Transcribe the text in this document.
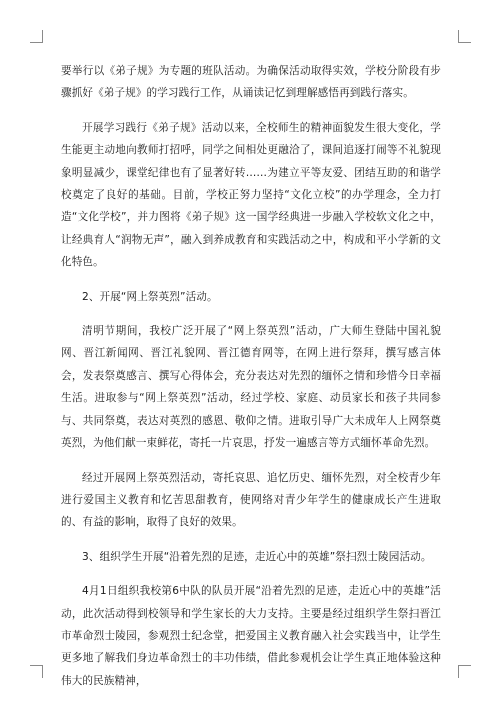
要举行以《弟子规》为专题的班队活动。为确保活动取得实效，学校分阶段有步骤抓好《弟子规》的学习践行工作，从诵读记忆到理解感悟再到践行落实。

开展学习践行《弟子规》活动以来，全校师生的精神面貌发生很大变化，学生能更主动地向教师打招呼，同学之间相处更融洽了，课间追逐打闹等不礼貌现象明显减少，课堂纪律也有了显著好转……为建立平等友爱、团结互助的和谐学校奠定了良好的基础。目前，学校正努力坚持“文化立校”的办学理念，全力打造“文化学校”，并力图将《弟子规》这一国学经典进一步融入学校软文化之中，让经典育人“润物无声”，融入到养成教育和实践活动之中，构成和平小学新的文化特色。

2、开展“网上祭英烈”活动。

清明节期间，我校广泛开展了“网上祭英烈”活动，广大师生登陆中国礼貌网、晋江新闻网、晋江礼貌网、晋江德育网等，在网上进行祭拜，撰写感言体会，发表祭奠感言、撰写心得体会，充分表达对先烈的缅怀之情和珍惜今日幸福生活。进取参与“网上祭英烈”活动，经过学校、家庭、动员家长和孩子共同参与、共同祭奠，表达对英烈的感恩、敬仰之情。进取引导广大未成年人上网祭奠英烈，为他们献一束鲜花，寄托一片哀思，抒发一遍感言等方式缅怀革命先烈。

经过开展网上祭英烈活动，寄托哀思、追忆历史、缅怀先烈，对全校青少年进行爱国主义教育和忆苦思甜教育，使网络对青少年学生的健康成长产生进取的、有益的影响，取得了良好的效果。

3、组织学生开展“沿着先烈的足迹，走近心中的英雄”祭扫烈士陵园活动。

4月1日组织我校第6中队的队员开展“沿着先烈的足迹，走近心中的英雄”活动，此次活动得到校领导和学生家长的大力支持。主要是经过组织学生祭扫晋江市革命烈士陵园，参观烈士纪念堂，把爱国主义教育融入社会实践当中，让学生更多地了解我们身边革命烈士的丰功伟绩，借此参观机会让学生真正地体验这种伟大的民族精神，
